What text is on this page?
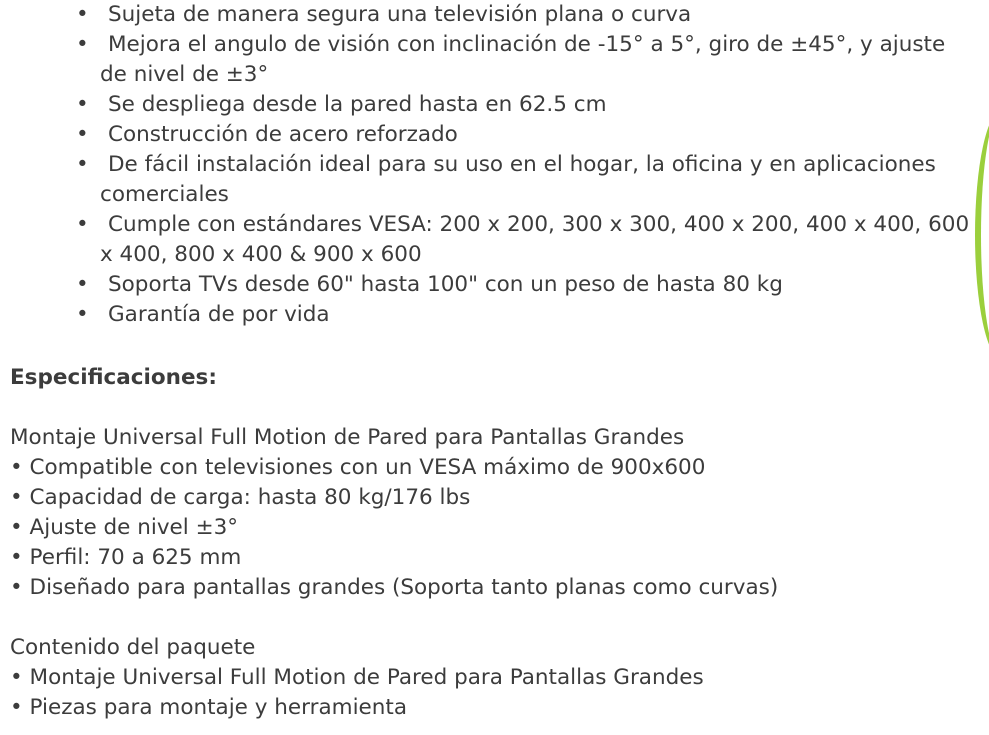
• Sujeta de manera segura una televisión plana o curva
• Mejora el angulo de visión con inclinación de -15° a 5°, giro de ±45°, y ajuste de nivel de ±3°
• Se despliega desde la pared hasta en 62.5 cm
• Construcción de acero reforzado
• De fácil instalación ideal para su uso en el hogar, la oficina y en aplicaciones comerciales
• Cumple con estándares VESA: 200 x 200, 300 x 300, 400 x 200, 400 x 400, 600 x 400, 800 x 400 & 900 x 600
• Soporta TVs desde 60" hasta 100" con un peso de hasta 80 kg
• Garantía de por vida

Especificaciones:

Montaje Universal Full Motion de Pared para Pantallas Grandes

• Compatible con televisiones con un VESA máximo de 900x600

• Capacidad de carga: hasta 80 kg/176 lbs

• Ajuste de nivel ±3°

• Perfil: 70 a 625 mm

• Diseñado para pantallas grandes (Soporta tanto planas como curvas)

Contenido del paquete

• Montaje Universal Full Motion de Pared para Pantallas Grandes

• Piezas para montaje y herramienta
